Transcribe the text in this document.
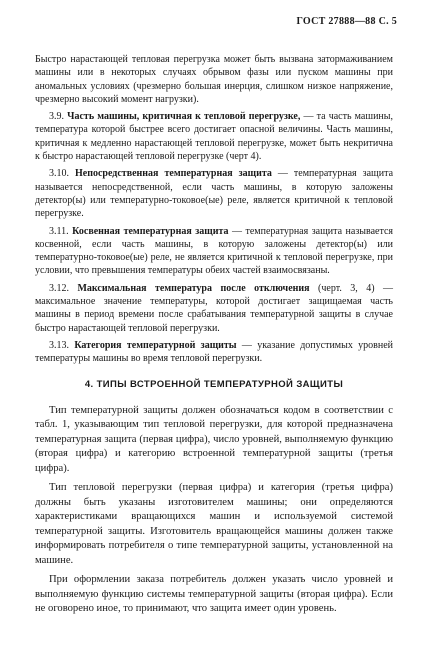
ГОСТ 27888—88 С. 5

Быстро нарастающей тепловая перегрузка может быть вызвана затормаживанием машины или в некоторых случаях обрывом фазы или пуском машины при аномальных условиях (чрезмерно большая инерция, слишком низкое напряжение, чрезмерно высокий момент нагрузки).

3.9. Часть машины, критичная к тепловой перегрузке, — та часть машины, температура которой быстрее всего достигает опасной величины. Часть машины, критичная к медленно нарастающей тепловой перегрузке, может быть некритична к быстро нарастающей тепловой перегрузке (черт 4).

3.10. Непосредственная температурная защита — температурная защита называется непосредственной, если часть машины, в которую заложены детектор(ы) или температурно-токовое(ые) реле, является критичной к тепловой перегрузке.

3.11. Косвенная температурная защита — температурная защита называется косвенной, если часть машины, в которую заложены детектор(ы) или температурно-токовое(ые) реле, не является критичной к тепловой перегрузке, при условии, что превышения температуры обеих частей взаимосвязаны.

3.12. Максимальная температура после отключения (черт. 3, 4) — максимальное значение температуры, которой достигает защищаемая часть машины в период времени после срабатывания температурной защиты в случае быстро нарастающей тепловой перегрузки.

3.13. Категория температурной защиты — указание допустимых уровней температуры машины во время тепловой перегрузки.

4. ТИПЫ ВСТРОЕННОЙ ТЕМПЕРАТУРНОЙ ЗАЩИТЫ

Тип температурной защиты должен обозначаться кодом в соответствии с табл. 1, указывающим тип тепловой перегрузки, для которой предназначена температурная защита (первая цифра), число уровней, выполняемую функцию (вторая цифра) и категорию встроенной температурной защиты (третья цифра).

Тип тепловой перегрузки (первая цифра) и категория (третья цифра) должны быть указаны изготовителем машины; они определяются характеристиками вращающихся машин и используемой системой температурной защиты. Изготовитель вращающейся машины должен также информировать потребителя о типе температурной защиты, установленной на машине.

При оформлении заказа потребитель должен указать число уровней и выполняемую функцию системы температурной защиты (вторая цифра). Если не оговорено иное, то принимают, что защита имеет один уровень.
